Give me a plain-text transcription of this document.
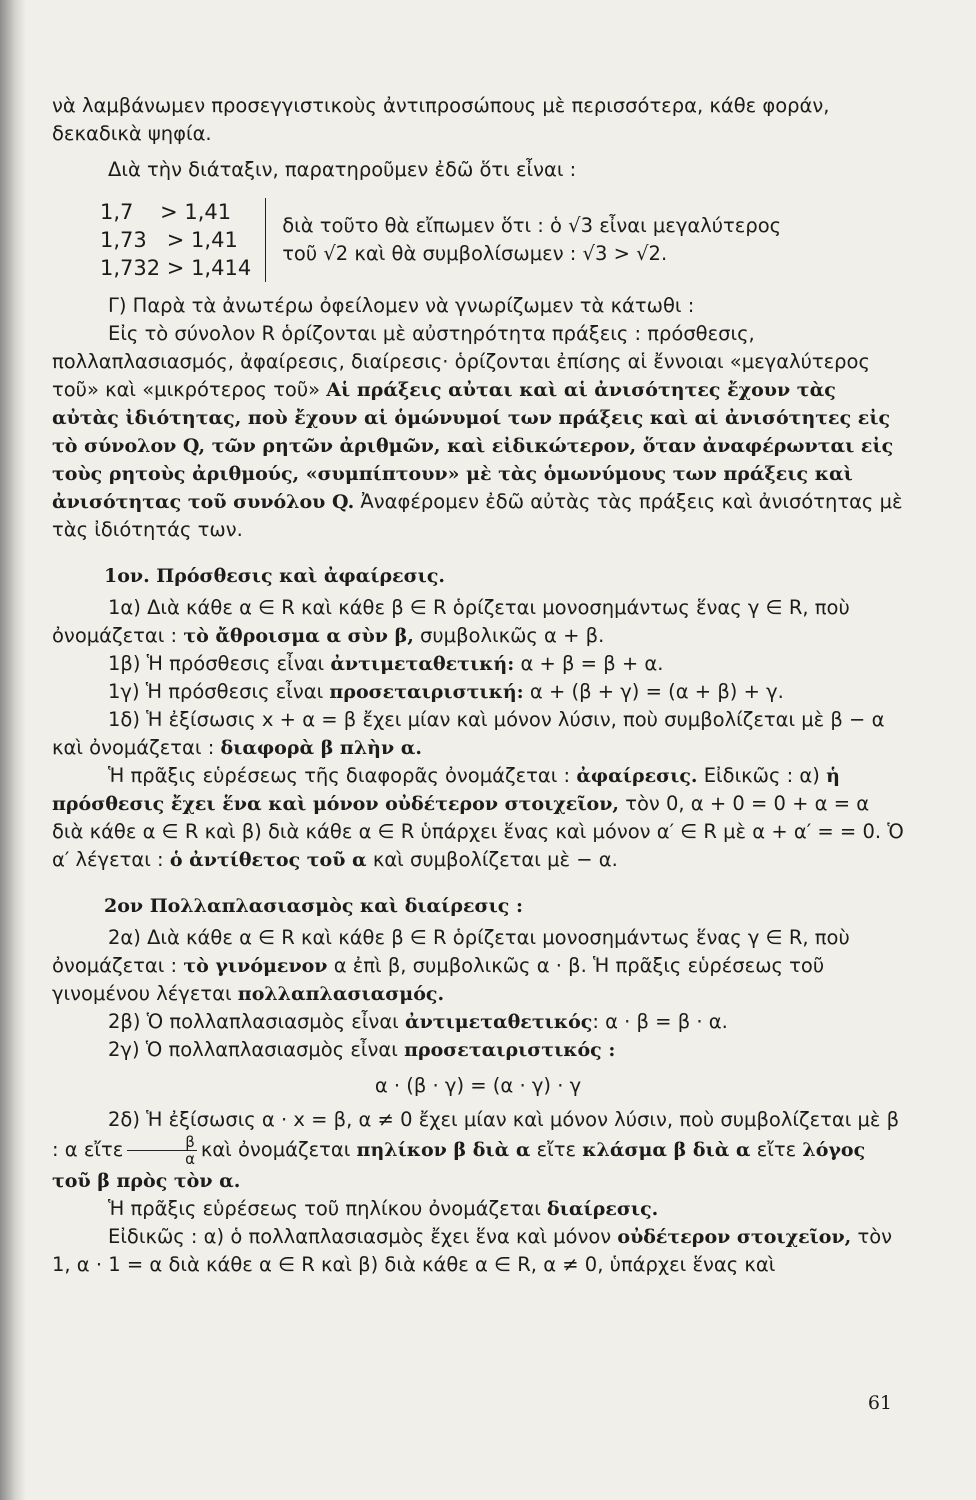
νὰ λαμβάνωμεν προσεγγιστικοὺς ἀντιπροσώπους μὲ περισσότερα, κάθε φοράν, δεκαδικὰ ψηφία.

Διὰ τὴν διάταξιν, παρατηροῦμεν ἐδῶ ὅτι εἶναι :

1,7    > 1,41
1,73   > 1,41
1,732 > 1,414
διὰ τοῦτο θὰ εἴπωμεν ὅτι : ὁ √3 εἶναι μεγαλύτερος
τοῦ √2 καὶ θὰ συμβολίσωμεν : √3 > √2.

Γ) Παρὰ τὰ ἀνωτέρω ὀφείλομεν νὰ γνωρίζωμεν τὰ κάτωθι :

Εἰς τὸ σύνολον R ὁρίζονται μὲ αὐστηρότητα πράξεις : πρόσθεσις, πολλαπλασιασμός, ἀφαίρεσις, διαίρεσις· ὁρίζονται ἐπίσης αἱ ἔννοιαι «μεγαλύτερος τοῦ» καὶ «μικρότερος τοῦ» Αἱ πράξεις αὐται καὶ αἱ ἀνισότητες ἔχουν τὰς αὐτὰς ἰδιότητας, ποὺ ἔχουν αἱ ὁμώνυμοί των πράξεις καὶ αἱ ἀνισότητες εἰς τὸ σύνολον Q, τῶν ρητῶν ἀριθμῶν, καὶ εἰδικώτερον, ὅταν ἀναφέρωνται εἰς τοὺς ρητοὺς ἀριθμούς, «συμπίπτουν» μὲ τὰς ὁμωνύμους των πράξεις καὶ ἀνισότητας τοῦ συνόλου Q. Ἀναφέρομεν ἐδῶ αὐτὰς τὰς πράξεις καὶ ἀνισότητας μὲ τὰς ἰδιότητάς των.

1ον. Πρόσθεσις καὶ ἀφαίρεσις.

1α) Διὰ κάθε α ∈ R καὶ κάθε β ∈ R ὁρίζεται μονοσημάντως ἕνας γ ∈ R, ποὺ ὀνομάζεται : τὸ ἄθροισμα α σὺν β, συμβολικῶς α + β.

1β) Ἡ πρόσθεσις εἶναι ἀντιμεταθετική: α + β = β + α.

1γ) Ἡ πρόσθεσις εἶναι προσεταιριστική: α + (β + γ) = (α + β) + γ.

1δ) Ἡ ἐξίσωσις x + α = β ἔχει μίαν καὶ μόνον λύσιν, ποὺ συμβολίζεται μὲ β − α καὶ ὀνομάζεται : διαφορὰ β πλὴν α.

Ἡ πρᾶξις εὑρέσεως τῆς διαφορᾶς ὀνομάζεται : ἀφαίρεσις. Εἰδικῶς : α) ἡ πρόσθεσις ἔχει ἕνα καὶ μόνον οὐδέτερον στοιχεῖον, τὸν 0, α + 0 = 0 + α = α διὰ κάθε α ∈ R καὶ β) διὰ κάθε α ∈ R ὑπάρχει ἕνας καὶ μόνον α′ ∈ R μὲ α + α′ = = 0. Ὁ α′ λέγεται : ὁ ἀντίθετος τοῦ α καὶ συμβολίζεται μὲ − α.

2ον Πολλαπλασιασμὸς καὶ διαίρεσις :

2α) Διὰ κάθε α ∈ R καὶ κάθε β ∈ R ὁρίζεται μονοσημάντως ἕνας γ ∈ R, ποὺ ὀνομάζεται : τὸ γινόμενον α ἐπὶ β, συμβολικῶς α · β. Ἡ πρᾶξις εὑρέσεως τοῦ γινομένου λέγεται πολλαπλασιασμός.

2β) Ὁ πολλαπλασιασμὸς εἶναι ἀντιμεταθετικός: α · β = β · α.

2γ) Ὁ πολλαπλασιασμὸς εἶναι προσεταιριστικός :

α · (β · γ) = (α · γ) · γ

2δ) Ἡ ἐξίσωσις α · x = β, α ≠ 0 ἔχει μίαν καὶ μόνον λύσιν, ποὺ συμβολίζεται μὲ β : α εἴτε $\frac{\beta}{\alpha}$ καὶ ὀνομάζεται πηλίκον β διὰ α εἴτε κλάσμα β διὰ α εἴτε λόγος τοῦ β πρὸς τὸν α.

Ἡ πρᾶξις εὑρέσεως τοῦ πηλίκου ὀνομάζεται διαίρεσις.

Εἰδικῶς : α) ὁ πολλαπλασιασμὸς ἔχει ἕνα καὶ μόνον οὐδέτερον στοιχεῖον, τὸν 1, α · 1 = α διὰ κάθε α ∈ R καὶ β) διὰ κάθε α ∈ R, α ≠ 0, ὑπάρχει ἕνας καὶ

61
